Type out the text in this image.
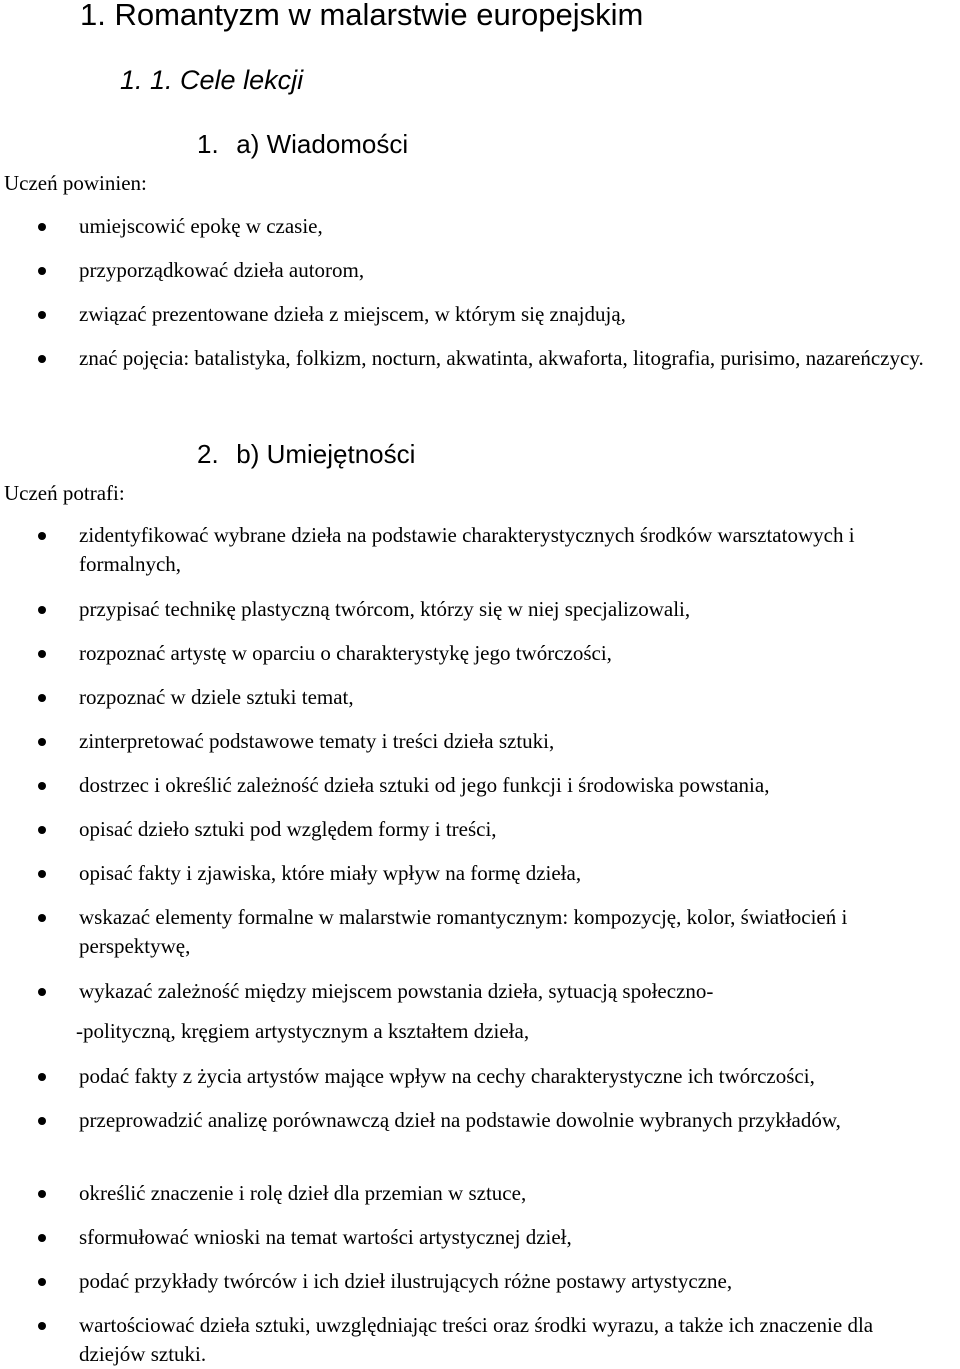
1. Romantyzm w malarstwie europejskim
1. 1. Cele lekcji
1. a) Wiadomości
Uczeń powinien:
umiejscowić epokę w czasie,
przyporządkować dzieła autorom,
związać prezentowane dzieła z miejscem, w którym się znajdują,
znać pojęcia: batalistyka, folkizm, nocturn, akwatinta, akwaforta, litografia, purisimo, nazareńczycy.
2. b) Umiejętności
Uczeń potrafi:
zidentyfikować wybrane dzieła na podstawie charakterystycznych środków warsztatowych i formalnych,
przypisać technikę plastyczną twórcom, którzy się w niej specjalizowali,
rozpoznać artystę w oparciu o charakterystykę jego twórczości,
rozpoznać w dziele sztuki temat,
zinterpretować podstawowe tematy i treści dzieła sztuki,
dostrzec i określić zależność dzieła sztuki od jego funkcji i środowiska powstania,
opisać dzieło sztuki pod względem formy i treści,
opisać fakty i zjawiska, które miały wpływ na formę dzieła,
wskazać elementy formalne w malarstwie romantycznym: kompozycję, kolor, światłocień i perspektywę,
wykazać zależność między miejscem powstania dzieła, sytuacją społeczno-
-polityczną, kręgiem artystycznym a kształtem dzieła,
podać fakty z życia artystów mające wpływ na cechy charakterystyczne ich twórczości,
przeprowadzić analizę porównawczą dzieł na podstawie dowolnie wybranych przykładów,
określić znaczenie i rolę dzieł dla przemian w sztuce,
sformułować wnioski na temat wartości artystycznej dzieł,
podać przykłady twórców i ich dzieł ilustrujących różne postawy artystyczne,
wartościować dzieła sztuki, uwzględniając treści oraz środki wyrazu, a także ich znaczenie dla dziejów sztuki.
